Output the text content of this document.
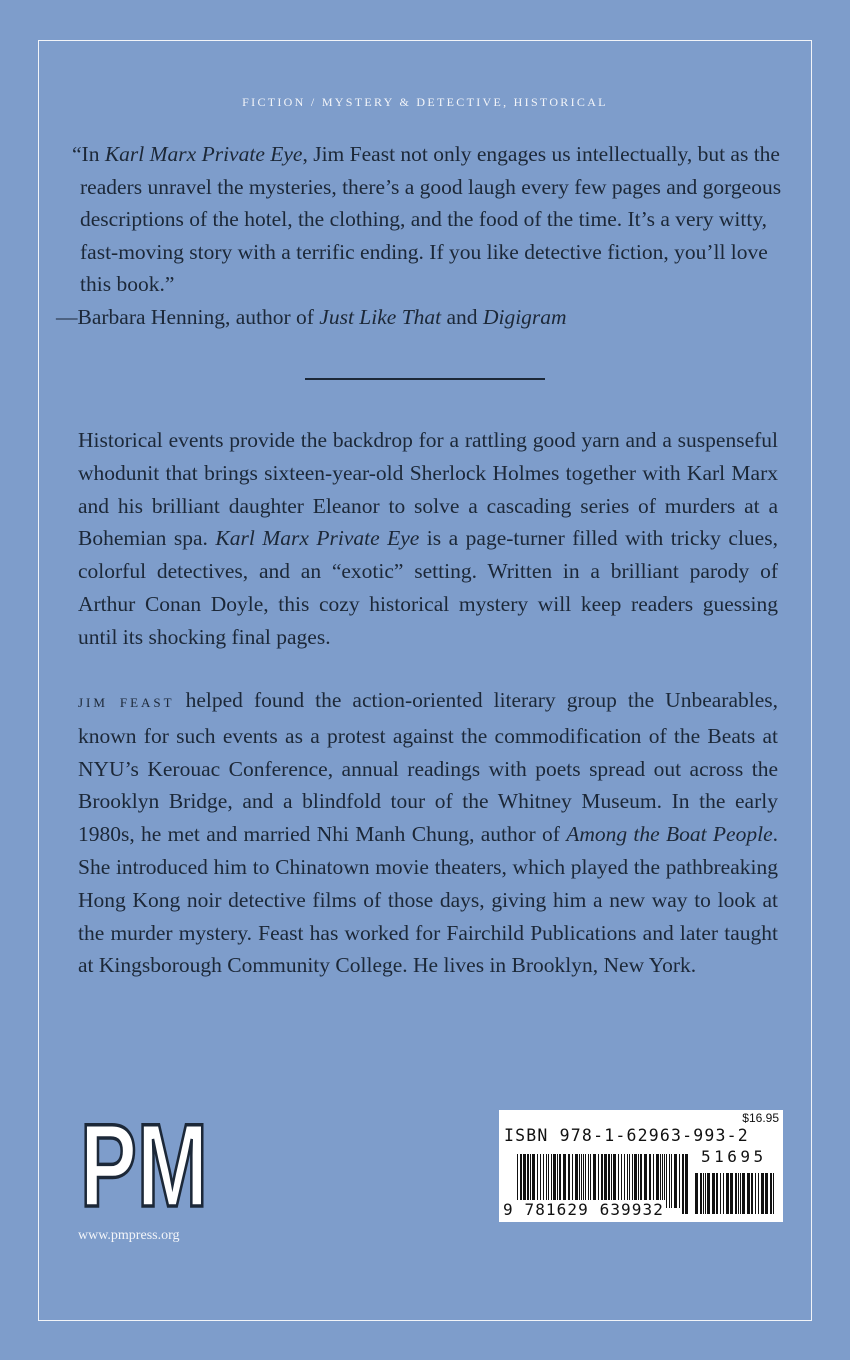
FICTION / MYSTERY & DETECTIVE, HISTORICAL

“In Karl Marx Private Eye, Jim Feast not only engages us intellectually, but as the readers unravel the mysteries, there’s a good laugh every few pages and gorgeous descriptions of the hotel, the clothing, and the food of the time. It’s a very witty, fast-moving story with a terrific ending. If you like detective fiction, you’ll love this book.”

—Barbara Henning, author of Just Like That and Digigram

Historical events provide the backdrop for a rattling good yarn and a suspenseful whodunit that brings sixteen-year-old Sherlock Holmes together with Karl Marx and his brilliant daughter Eleanor to solve a cascading series of murders at a Bohemian spa. Karl Marx Private Eye is a page-turner filled with tricky clues, colorful detectives, and an “exotic” setting. Written in a brilliant parody of Arthur Conan Doyle, this cozy historical mystery will keep readers guessing until its shocking final pages.

JIM FEAST helped found the action-oriented literary group the Unbearables, known for such events as a protest against the commodification of the Beats at NYU’s Kerouac Conference, annual readings with poets spread out across the Brooklyn Bridge, and a blindfold tour of the Whitney Museum. In the early 1980s, he met and married Nhi Manh Chung, author of Among the Boat People. She introduced him to Chinatown movie theaters, which played the pathbreaking Hong Kong noir detective films of those days, giving him a new way to look at the murder mystery. Feast has worked for Fairchild Publications and later taught at Kingsborough Community College. He lives in Brooklyn, New York.

PM
www.pmpress.org
$16.95
ISBN 978-1-62963-993-2
51695
9 781629 639932
